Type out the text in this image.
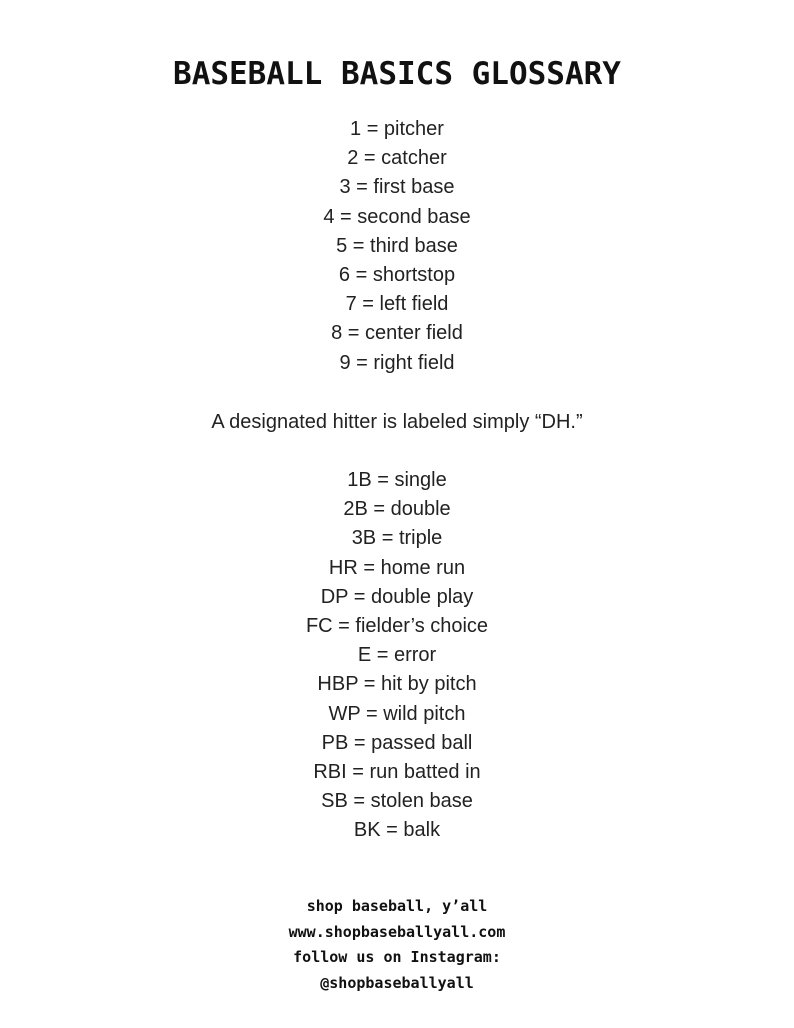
BASEBALL BASICS GLOSSARY
1 = pitcher
2 = catcher
3 = first base
4 = second base
5 = third base
6 = shortstop
7 = left field
8 = center field
9 = right field
A designated hitter is labeled simply “DH.”
1B = single
2B = double
3B = triple
HR = home run
DP = double play
FC = fielder’s choice
E = error
HBP = hit by pitch
WP = wild pitch
PB = passed ball
RBI = run batted in
SB = stolen base
BK = balk
shop baseball, y’all
www.shopbaseballyall.com
follow us on Instagram:
@shopbaseballyall
